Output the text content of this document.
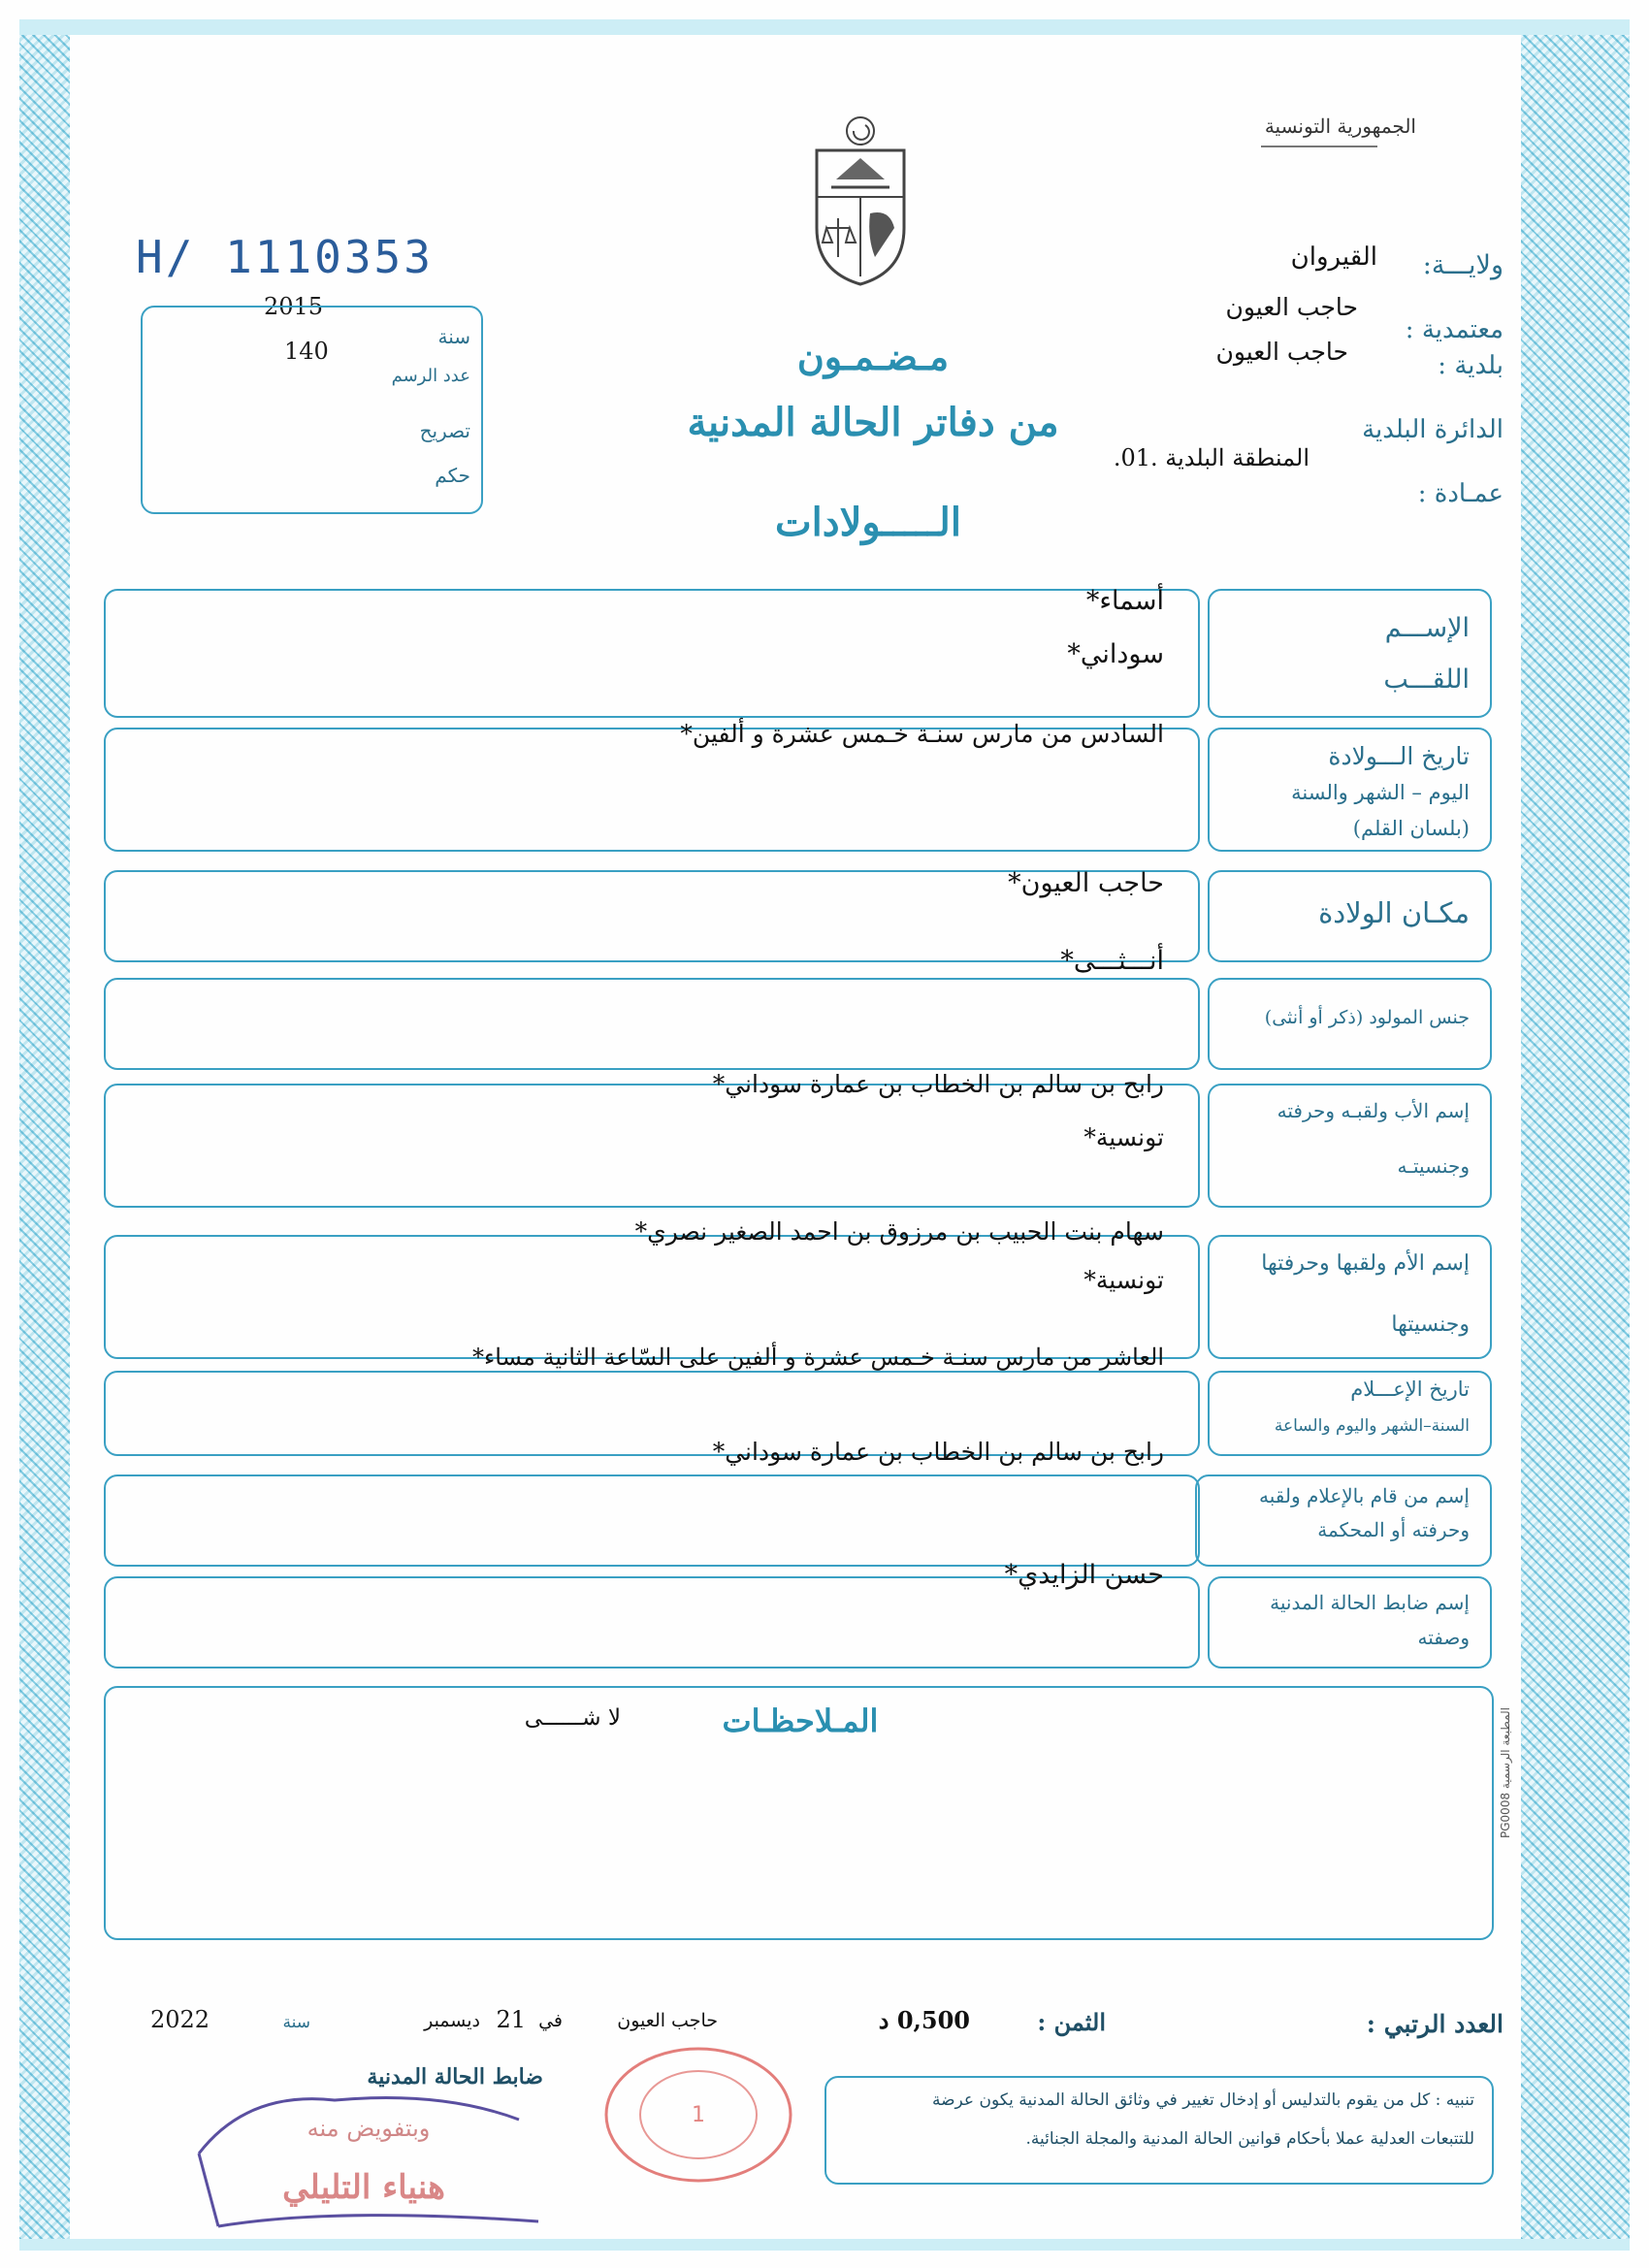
الجمهورية التونسية
ولايـــة:
القيروان
معتمدية :
حاجب العيون
بلدية :
حاجب العيون
الدائرة البلدية
المنطقة البلدية .01.
عمـادة :
H/ 1110353
2015
140
سنة
عدد الرسم
تصريح
حكم
مـضـمـون
من دفاتر الحالة المدنية
الـــــولادات
الإســـم
اللقـــب
أسماء*
سوداني*
تاريخ الـــولادة
اليوم – الشهر والسنة
(بلسان القلم)
السادس من مارس سنـة خـمس عشرة و ألفين*
مكـان الولادة
حاجب العيون*
جنس المولود (ذكر أو أنثى)
أنـــثـــى*
إسم الأب ولقبـه وحرفته
وجنسيتـه
رابح بن سالم بن الخطاب بن عمارة سوداني*
تونسية*
إسم الأم ولقبها وحرفتها
وجنسيتها
سهام بنت الحبيب بن مرزوق بن احمد الصغير نصري*
تونسية*
تاريخ الإعـــلام
السنة–الشهر واليوم والساعة
العاشر من مارس سنـة خـمس عشرة و ألفين على السّاعة الثانية مساء*
إسم من قام بالإعلام ولقبه
وحرفته أو المحكمة
رابح بن سالم بن الخطاب بن عمارة سوداني*
إسم ضابط الحالة المدنية
وصفته
حسن الزايدي*
المـلاحظـات
لا شــــــى
PG0008 المطبعة الرسمية
العدد الرتبي :
الثمن :
0,500 د
حاجب العيون
في
21
ديسمبر
سنة
2022
ضابط الحالة المدنية
1
وبتفويض منه
هنياء التليلي
تنبيه : كل من يقوم بالتدليس أو إدخال تغيير في وثائق الحالة المدنية يكون عرضة
للتتبعات العدلية عملا بأحكام قوانين الحالة المدنية والمجلة الجنائية.
